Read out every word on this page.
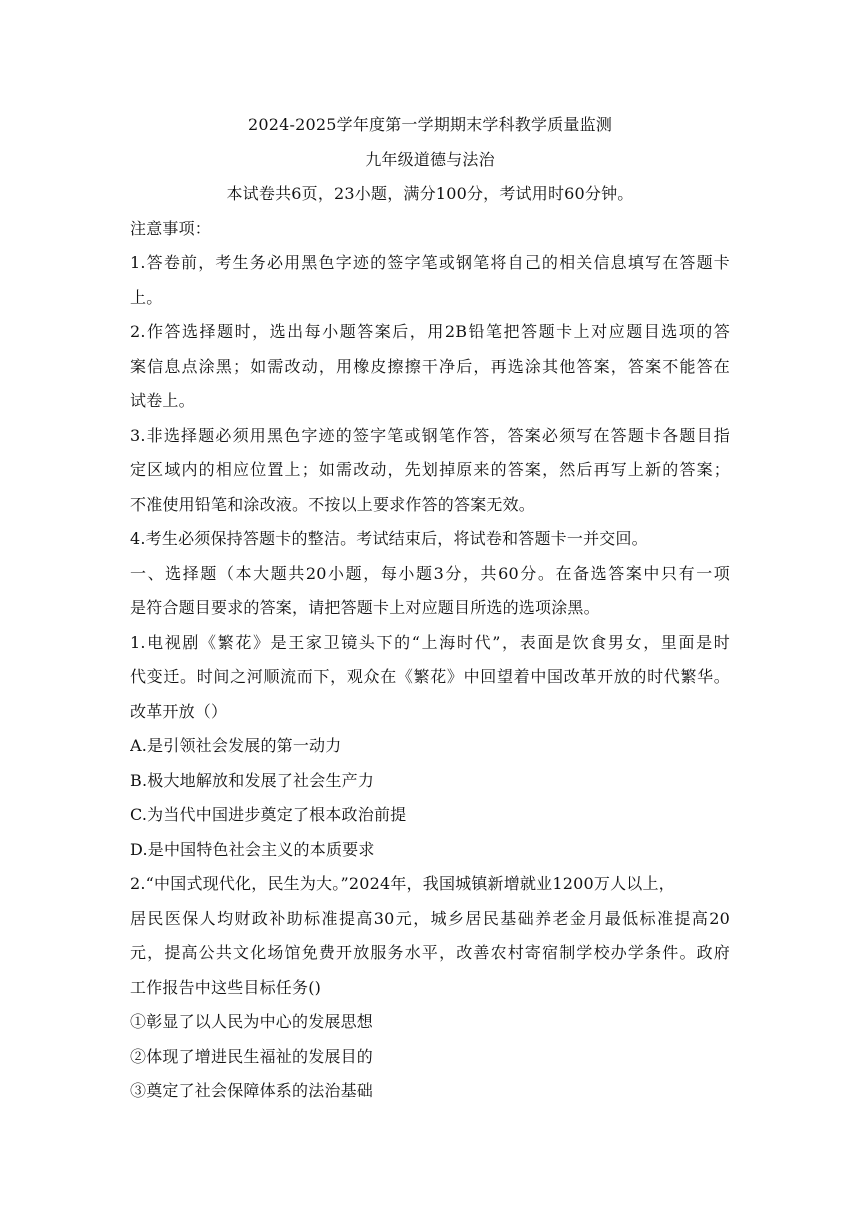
2024-2025学年度第一学期期末学科教学质量监测
九年级道德与法治
本试卷共6页，23小题，满分100分，考试用时60分钟。
注意事项：
1.答卷前，考生务必用黑色字迹的签字笔或钢笔将自己的相关信息填写在答题卡
上。
2.作答选择题时，选出每小题答案后，用2B铅笔把答题卡上对应题目选项的答
案信息点涂黑；如需改动，用橡皮擦擦干净后，再选涂其他答案，答案不能答在
试卷上。
3.非选择题必须用黑色字迹的签字笔或钢笔作答，答案必须写在答题卡各题目指
定区域内的相应位置上；如需改动，先划掉原来的答案，然后再写上新的答案；
不准使用铅笔和涂改液。不按以上要求作答的答案无效。
4.考生必须保持答题卡的整洁。考试结束后，将试卷和答题卡一并交回。
一、选择题（本大题共20小题，每小题3分，共60分。在备选答案中只有一项
是符合题目要求的答案，请把答题卡上对应题目所选的选项涂黑。
1.电视剧《繁花》是王家卫镜头下的“上海时代”，表面是饮食男女，里面是时
代变迁。时间之河顺流而下，观众在《繁花》中回望着中国改革开放的时代繁华。
改革开放（）
A.是引领社会发展的第一动力
B.极大地解放和发展了社会生产力
C.为当代中国进步奠定了根本政治前提
D.是中国特色社会主义的本质要求
2.“中国式现代化，民生为大。”2024年，我国城镇新增就业1200万人以上，
居民医保人均财政补助标准提高30元，城乡居民基础养老金月最低标准提高20
元，提高公共文化场馆免费开放服务水平，改善农村寄宿制学校办学条件。政府
工作报告中这些目标任务()
①彰显了以人民为中心的发展思想
②体现了增进民生福祉的发展目的
③奠定了社会保障体系的法治基础
